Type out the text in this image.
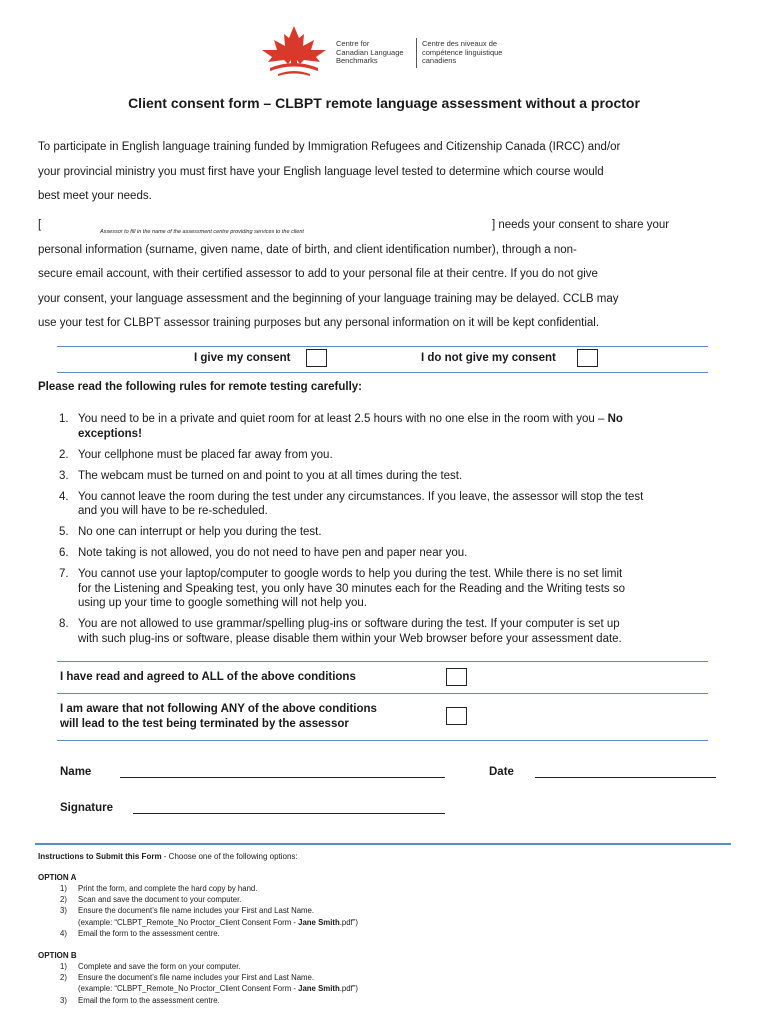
Centre for
Canadian Language
Benchmarks
Centre des niveaux de
compétence linguistique
canadiens
Client consent form – CLBPT remote language assessment without a proctor
To participate in English language training funded by Immigration Refugees and Citizenship Canada (IRCC) and/or
your provincial ministry you must first have your English language level tested to determine which course would
best meet your needs.
[
Assessor to fill in the name of the assessment centre providing services to the client
] needs your consent to share your
personal information (surname, given name, date of birth, and client identification number), through a non-
secure email account, with their certified assessor to add to your personal file at their centre. If you do not give
your consent, your language assessment and the beginning of your language training may be delayed. CCLB may
use your test for CLBPT assessor training purposes but any personal information on it will be kept confidential.
I give my consent	I do not give my consent
Please read the following rules for remote testing carefully:
1. You need to be in a private and quiet room for at least 2.5 hours with no one else in the room with you – No
exceptions!
2. Your cellphone must be placed far away from you.
3. The webcam must be turned on and point to you at all times during the test.
4. You cannot leave the room during the test under any circumstances. If you leave, the assessor will stop the test
and you will have to be re-scheduled.
5. No one can interrupt or help you during the test.
6. Note taking is not allowed, you do not need to have pen and paper near you.
7. You cannot use your laptop/computer to google words to help you during the test. While there is no set limit
for the Listening and Speaking test, you only have 30 minutes each for the Reading and the Writing tests so
using up your time to google something will not help you.
8. You are not allowed to use grammar/spelling plug-ins or software during the test. If your computer is set up
with such plug-ins or software, please disable them within your Web browser before your assessment date.
I have read and agreed to ALL of the above conditions
I am aware that not following ANY of the above conditions
will lead to the test being terminated by the assessor
Name	Date
Signature
Instructions to Submit this Form - Choose one of the following options:
OPTION A
1) Print the form, and complete the hard copy by hand.
2) Scan and save the document to your computer.
3) Ensure the document’s file name includes your First and Last Name.
(example: “CLBPT_Remote_No Proctor_Client Consent Form - Jane Smith.pdf”)
4) Email the form to the assessment centre.
OPTION B
1) Complete and save the form on your computer.
2) Ensure the document’s file name includes your First and Last Name.
(example: “CLBPT_Remote_No Proctor_Client Consent Form - Jane Smith.pdf”)
3) Email the form to the assessment centre.
